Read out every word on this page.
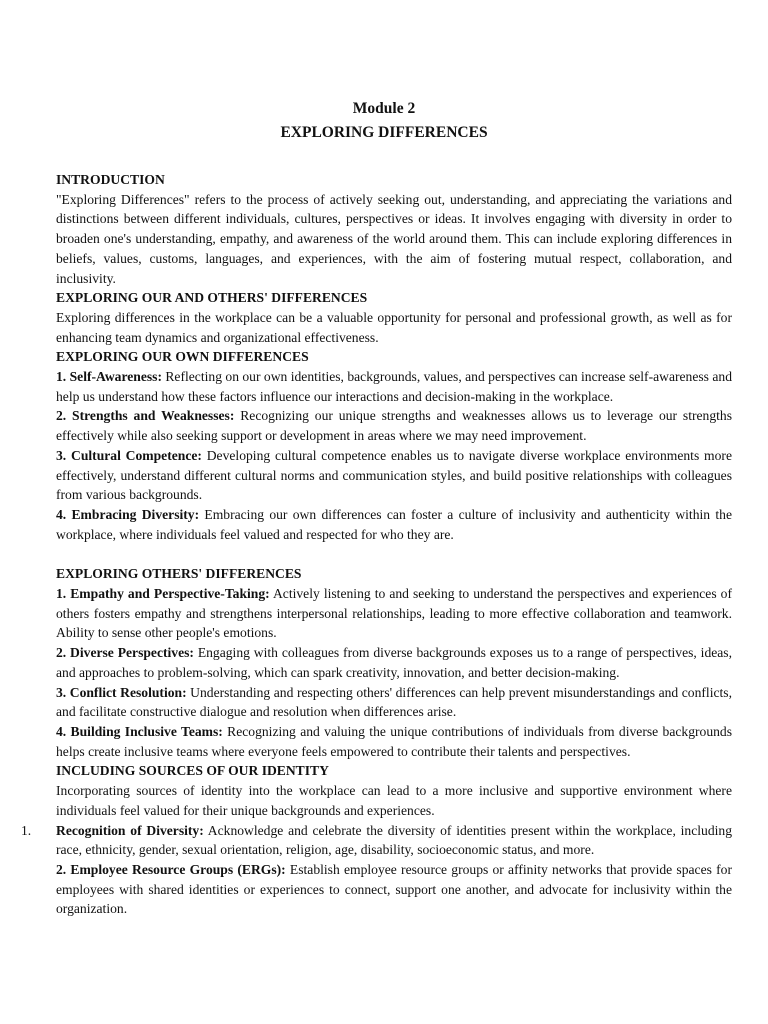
Module 2
EXPLORING DIFFERENCES
INTRODUCTION

"Exploring Differences" refers to the process of actively seeking out, understanding, and appreciating the variations and distinctions between different individuals, cultures, perspectives or ideas. It involves engaging with diversity in order to broaden one's understanding, empathy, and awareness of the world around them. This can include exploring differences in beliefs, values, customs, languages, and experiences, with the aim of fostering mutual respect, collaboration, and inclusivity.

EXPLORING OUR AND OTHERS' DIFFERENCES

Exploring differences in the workplace can be a valuable opportunity for personal and professional growth, as well as for enhancing team dynamics and organizational effectiveness.

EXPLORING OUR OWN DIFFERENCES

1. Self-Awareness: Reflecting on our own identities, backgrounds, values, and perspectives can increase self-awareness and help us understand how these factors influence our interactions and decision-making in the workplace.

2. Strengths and Weaknesses: Recognizing our unique strengths and weaknesses allows us to leverage our strengths effectively while also seeking support or development in areas where we may need improvement.

3. Cultural Competence: Developing cultural competence enables us to navigate diverse workplace environments more effectively, understand different cultural norms and communication styles, and build positive relationships with colleagues from various backgrounds.

4. Embracing Diversity: Embracing our own differences can foster a culture of inclusivity and authenticity within the workplace, where individuals feel valued and respected for who they are.

EXPLORING OTHERS' DIFFERENCES

1. Empathy and Perspective-Taking: Actively listening to and seeking to understand the perspectives and experiences of others fosters empathy and strengthens interpersonal relationships, leading to more effective collaboration and teamwork. Ability to sense other people's emotions.

2. Diverse Perspectives: Engaging with colleagues from diverse backgrounds exposes us to a range of perspectives, ideas, and approaches to problem-solving, which can spark creativity, innovation, and better decision-making.

3. Conflict Resolution: Understanding and respecting others' differences can help prevent misunderstandings and conflicts, and facilitate constructive dialogue and resolution when differences arise.

4. Building Inclusive Teams: Recognizing and valuing the unique contributions of individuals from diverse backgrounds helps create inclusive teams where everyone feels empowered to contribute their talents and perspectives.

INCLUDING SOURCES OF OUR IDENTITY

Incorporating sources of identity into the workplace can lead to a more inclusive and supportive environment where individuals feel valued for their unique backgrounds and experiences.

1. Recognition of Diversity: Acknowledge and celebrate the diversity of identities present within the workplace, including race, ethnicity, gender, sexual orientation, religion, age, disability, socioeconomic status, and more.

2. Employee Resource Groups (ERGs): Establish employee resource groups or affinity networks that provide spaces for employees with shared identities or experiences to connect, support one another, and advocate for inclusivity within the organization.
